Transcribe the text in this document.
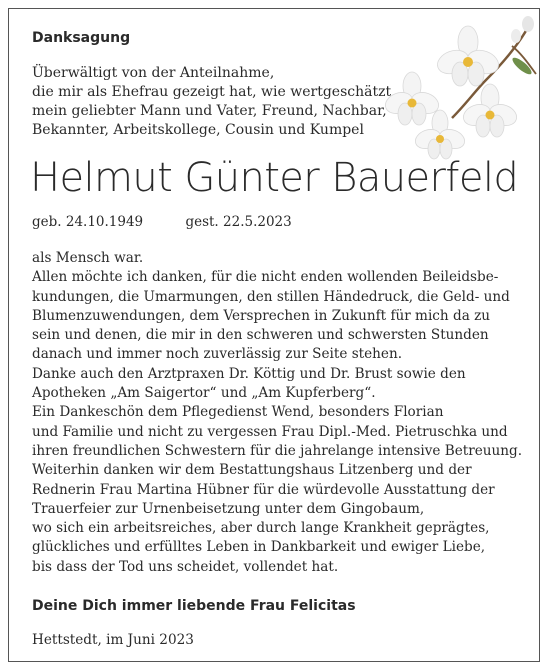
Danksagung
Überwältigt von der Anteilnahme,
die mir als Ehefrau gezeigt hat, wie wertgeschätzt
mein geliebter Mann und Vater, Freund, Nachbar,
Bekannter, Arbeitskollege, Cousin und Kumpel
Helmut Günter Bauerfeld
geb. 24.10.1949	gest. 22.5.2023
als Mensch war.
Allen möchte ich danken, für die nicht enden wollenden Beileidsbe-
kundungen, die Umarmungen, den stillen Händedruck, die Geld- und
Blumenzuwendungen, dem Versprechen in Zukunft für mich da zu
sein und denen, die mir in den schweren und schwersten Stunden
danach und immer noch zuverlässig zur Seite stehen.
Danke auch den Arztpraxen Dr. Köttig und Dr. Brust sowie den
Apotheken „Am Saigertor“ und „Am Kupferberg“.
Ein Dankeschön dem Pflegedienst Wend, besonders Florian
und Familie und nicht zu vergessen Frau Dipl.-Med. Pietruschka und
ihren freundlichen Schwestern für die jahrelange intensive Betreuung.
Weiterhin danken wir dem Bestattungshaus Litzenberg und der
Rednerin Frau Martina Hübner für die würdevolle Ausstattung der
Trauerfeier zur Urnenbeisetzung unter dem Gingobaum,
wo sich ein arbeitsreiches, aber durch lange Krankheit geprägtes,
glückliches und erfülltes Leben in Dankbarkeit und ewiger Liebe,
bis dass der Tod uns scheidet, vollendet hat.
Deine Dich immer liebende Frau Felicitas
Hettstedt, im Juni 2023
